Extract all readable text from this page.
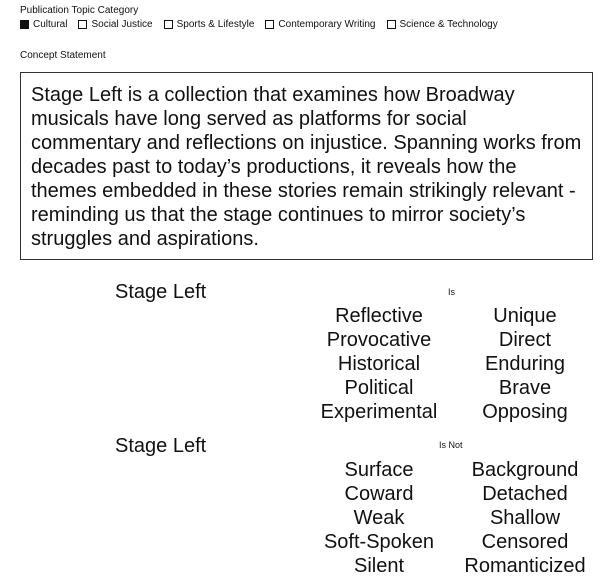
Publication Topic Category
Cultural Social Justice Sports & Lifestyle Contemporary Writing Science & Technology
Concept Statement
Stage Left is a collection that examines how Broadway musicals have long served as platforms for social commentary and reflections on injustice. Spanning works from decades past to today’s productions, it reveals how the themes embedded in these stories remain strikingly relevant - reminding us that the stage continues to mirror society’s struggles and aspirations.
Stage Left	Is
Reflective
Provocative
Historical
Political
Experimental
Unique
Direct
Enduring
Brave
Opposing
Stage Left	Is Not
Surface
Coward
Weak
Soft-Spoken
Silent
Background
Detached
Shallow
Censored
Romanticized
